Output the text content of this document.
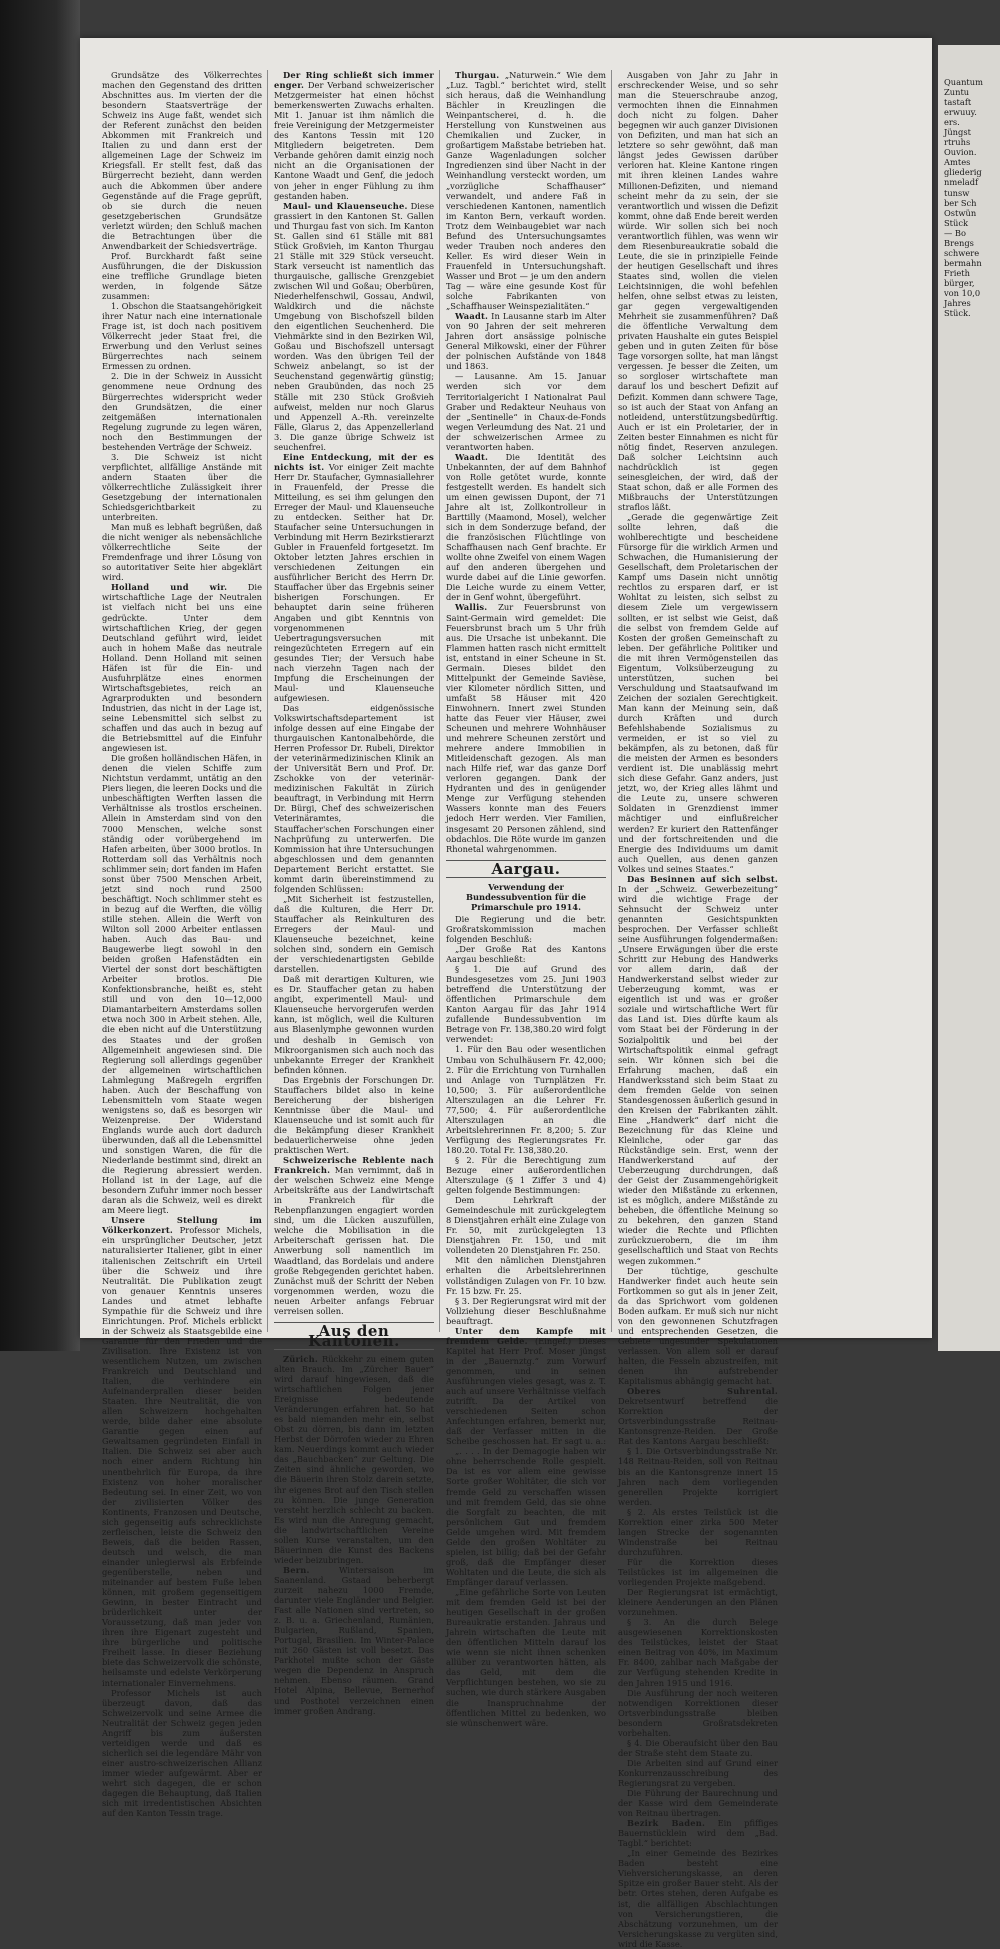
Grundsätze des Völkerrechtes machen den Gegenstand des dritten Abschnittes aus. Im vierten der die besondern Staatsverträge der Schweiz ins Auge faßt, wendet sich der Referent zunächst den beiden Abkommen mit Frankreich und Italien zu und dann erst der allgemeinen Lage der Schweiz im Kriegsfall. Er stellt fest, daß das Bürgerrecht bezieht, dann werden auch die Abkommen über andere Gegenstände auf die Frage geprüft, ob sie durch die neuen gesetzgeberischen Grundsätze verletzt würden; den Schluß machen die Betrachtungen über die Anwendbarkeit der Schiedsverträge.

Prof. Burckhardt faßt seine Ausführungen, die der Diskussion eine treffliche Grundlage bieten werden, in folgende Sätze zusammen:

1. Obschon die Staatsangehörigkeit ihrer Natur nach eine internationale Frage ist, ist doch nach positivem Völkerrecht jeder Staat frei, die Erwerbung und den Verlust seines Bürgerrechtes nach seinem Ermessen zu ordnen.

2. Die in der Schweiz in Aussicht genommene neue Ordnung des Bürgerrechtes widerspricht weder den Grundsätzen, die einer zeitgemäßen internationalen Regelung zugrunde zu legen wären, noch den Bestimmungen der bestehenden Verträge der Schweiz.

3. Die Schweiz ist nicht verpflichtet, allfällige Anstände mit andern Staaten über die völkerrechtliche Zulässigkeit ihrer Gesetzgebung der internationalen Schiedsgerichtbarkeit zu unterbreiten.

Man muß es lebhaft begrüßen, daß die nicht weniger als nebensächliche völkerrechtliche Seite der Fremdenfrage und ihrer Lösung von so autoritativer Seite hier abgeklärt wird.

Holland und wir. Die wirtschaftliche Lage der Neutralen ist vielfach nicht bei uns eine gedrückte. Unter dem wirtschaftlichen Krieg, der gegen Deutschland geführt wird, leidet auch in hohem Maße das neutrale Holland. Denn Holland mit seinen Häfen ist für die Ein- und Ausfuhrplätze eines enormen Wirtschaftsgebietes, reich an Agrarprodukten und besondern Industrien, das nicht in der Lage ist, seine Lebensmittel sich selbst zu schaffen und das auch in bezug auf die Betriebsmittel auf die Einfuhr angewiesen ist.

Die großen holländischen Häfen, in denen die vielen Schiffe zum Nichtstun verdammt, untätig an den Piers liegen, die leeren Docks und die unbeschäftigten Werften lassen die Verhältnisse als trostlos erscheinen. Allein in Amsterdam sind von den 7000 Menschen, welche sonst ständig oder vorübergehend im Hafen arbeiten, über 3000 brotlos. In Rotterdam soll das Verhältnis noch schlimmer sein; dort fanden im Hafen sonst über 7500 Menschen Arbeit, jetzt sind noch rund 2500 beschäftigt. Noch schlimmer steht es in bezug auf die Werften, die völlig stille stehen. Allein die Werft von Wilton soll 2000 Arbeiter entlassen haben. Auch das Bau- und Baugewerbe liegt sowohl in den beiden großen Hafenstädten ein Viertel der sonst dort beschäftigten Arbeiter brotlos. Die Konfektionsbranche, heißt es, steht still und von den 10—12,000 Diamantarbeitern Amsterdams sollen etwa noch 300 in Arbeit stehen. Alle, die eben nicht auf die Unterstützung des Staates und der großen Allgemeinheit angewiesen sind. Die Regierung soll allerdings gegenüber der allgemeinen wirtschaftlichen Lahmlegung Maßregeln ergriffen haben. Auch der Beschaffung von Lebensmitteln vom Staate wegen wenigstens so, daß es besorgen wir Weizenpreise. Der Widerstand Englands wurde auch dort dadurch überwunden, daß all die Lebensmittel und sonstigen Waren, die für die Niederlande bestimmt sind, direkt an die Regierung abressiert werden. Holland ist in der Lage, auf die besondern Zufuhr immer noch besser daran als die Schweiz, weil es direkt am Meere liegt.

Unsere Stellung im Völkerkonzert. Professor Michels, ein ursprünglicher Deutscher, jetzt naturalisierter Italiener, gibt in einer italienischen Zeitschrift ein Urteil über die Schweiz und ihre Neutralität. Die Publikation zeugt von genauer Kenntnis unseres Landes und atmet lebhafte Sympathie für die Schweiz und ihre Einrichtungen. Prof. Michels erblickt in der Schweiz als Staatsgebilde eine Garantie für den Frieden und die Zivilisation. Ihre Existenz ist von wesentlichem Nutzen, um zwischen Frankreich und Deutschland und Italien, die verhindere ein Aufeinanderprallen dieser beiden Staaten. Ihre Neutralität, die von allen Schweizern hochgehalten werde, bilde daher eine absolute Garantie gegen einen auf Gewaltsamen gegründeten Einfall in Italien. Die Schweiz sei aber auch noch einer andern Richtung hin unentbehrlich für Europa, da ihre Existenz von hoher moralischer Bedeutung sei. In einer Zeit, wo von der zivilisierten Völker des Kontinents, Franzosen und Deutsche, sich gegenseitig aufs schrecklichste zerfleischen, leiste die Schweiz den Beweis, daß die beiden Rassen, deutsch und welsch, die man einander unlegierwsl als Erbfeinde gegenüberstelle, neben und miteinander auf bestem Fuße leben können, mit großem gegenseitigem Gewinn, in bester Eintracht und brüderlichkeit unter der Voraussetzung, daß man jeder von ihren ihre Eigenart zugesteht und ihre bürgerliche und politische Freiheit lasse. In dieser Beziehung biete das Schweizervolk die schönste, heilsamste und edelste Verkörperung internationaler Einvernehmens.

Professor Michels ist auch überzeugt davon, daß das Schweizervolk und seine Armee die Neutralität der Schweiz gegen jeden Angriff bis zum äußersten verteidigen werde und daß es sicherlich sei die legendäre Mähr von einer austro-schweizerischen Allianz immer wieder aufgewärmt. Aber er wehrt sich dagegen, die er schon dagegen die Behauptung, daß Italien sich mit irredentistischen Absichten auf den Kanton Tessin trage.

Der Ring schließt sich immer enger. Der Verband schweizerischer Metzgermeister hat einen höchst bemerkenswerten Zuwachs erhalten. Mit 1. Januar ist ihm nämlich die freie Vereinigung der Metzgermeister des Kantons Tessin mit 120 Mitgliedern beigetreten. Dem Verbande gehören damit einzig noch nicht an die Organisationen der Kantone Waadt und Genf, die jedoch von jeher in enger Fühlung zu ihm gestanden haben.

Maul- und Klauenseuche. Diese grassiert in den Kantonen St. Gallen und Thurgau fast von sich. Im Kanton St. Gallen sind 61 Ställe mit 881 Stück Großvieh, im Kanton Thurgau 21 Ställe mit 329 Stück verseucht. Stark verseucht ist namentlich das thurgauische, gallische Grenzgebiet zwischen Wil und Goßau; Oberbüren, Niederhelfenschwil, Gossau, Andwil, Waldkirch und die nächste Umgebung von Bischofszell bilden den eigentlichen Seuchenherd. Die Viehmärkte sind in den Bezirken Wil, Goßau und Bischofszell untersagt worden. Was den übrigen Teil der Schweiz anbelangt, so ist der Seuchenstand gegenwärtig günstig; neben Graubünden, das noch 25 Ställe mit 230 Stück Großvieh aufweist, melden nur noch Glarus und Appenzell A.-Rh. vereinzelte Fälle, Glarus 2, das Appenzellerland 3. Die ganze übrige Schweiz ist seuchenfrei.

Eine Entdeckung, mit der es nichts ist. Vor einiger Zeit machte Herr Dr. Staufacher, Gymnasiallehrer in Frauenfeld, der Presse die Mitteilung, es sei ihm gelungen den Erreger der Maul- und Klauenseuche zu entdecken. Seither hat Dr. Staufacher seine Untersuchungen in Verbindung mit Herrn Bezirkstierarzt Gubler in Frauenfeld fortgesetzt. Im Oktober letzten Jahres erschien in verschiedenen Zeitungen ein ausführlicher Bericht des Herrn Dr. Stauffacher über das Ergebnis seiner bisherigen Forschungen. Er behauptet darin seine früheren Angaben und gibt Kenntnis von vorgenommenen Uebertragungsversuchen mit reingezüchteten Erregern auf ein gesundes Tier; der Versuch habe nach vierzehn Tagen nach der Impfung die Erscheinungen der Maul- und Klauenseuche aufgewiesen.

Das eidgenössische Volkswirtschaftsdepartement ist infolge dessen auf eine Eingabe der thurgauischen Kantonalbehörde, die Herren Professor Dr. Rubeli, Direktor der veterinärmedizinischen Klinik an der Universität Bern und Prof. Dr. Zschokke von der veterinär-medizinischen Fakultät in Zürich beauftragt, in Verbindung mit Herrn Dr. Bürgi, Chef des schweizerischen Veterinäramtes, die Stauffacher'schen Forschungen einer Nachprüfung zu unterwerfen. Die Kommission hat ihre Untersuchungen abgeschlossen und dem genannten Departement Bericht erstattet. Sie kommt darin übereinstimmend zu folgenden Schlüssen:

„Mit Sicherheit ist festzustellen, daß die Kulturen, die Herr Dr. Stauffacher als Reinkulturen des Erregers der Maul- und Klauenseuche bezeichnet, keine solchen sind, sondern ein Gemisch der verschiedenartigsten Gebilde darstellen.

Daß mit derartigen Kulturen, wie es Dr. Stauffacher getan zu haben angibt, experimentell Maul- und Klauenseuche hervorgerufen werden kann, ist möglich, weil die Kulturen aus Blasenlymphe gewonnen wurden und deshalb in Gemisch von Mikroorganismen sich auch noch das unbekannte Erreger der Krankheit befinden können.

Das Ergebnis der Forschungen Dr. Stauffachers bildet also in keine Bereicherung der bisherigen Kenntnisse über die Maul- und Klauenseuche und ist somit auch für die Bekämpfung dieser Krankheit bedauerlicherweise ohne jeden praktischen Wert.

Schweizerische Reblente nach Frankreich. Man vernimmt, daß in der welschen Schweiz eine Menge Arbeitskräfte aus der Landwirtschaft in Frankreich für die Rebenpflanzungen engagiert worden sind, um die Lücken auszufüllen, welche die Mobilisation in die Arbeiterschaft gerissen hat. Die Anwerbung soll namentlich im Waadtland, das Bordelais und andere große Rebgegenden gerichtet haben. Zunächst muß der Schritt der Neben vorgenommen werden, wozu die neuen Arbeiter anfangs Februar verreisen sollen.

Aus den Kantonen.

Zürich. Rückkehr zu einem guten alten Brauch. Im „Zürcher Bauer“ wird darauf hingewiesen, daß die wirtschaftlichen Folgen jener Ereignisse bedeutende Veränderungen erfahren hat. So hat es bald niemanden mehr ein, selbst Obst zu dörren, bis dann im letzten Herbst der Dörrofen wieder zu Ehren kam. Neuerdings kommt auch wieder das „Bauchbacken“ zur Geltung. Die Zeiten sind ähnliche geworden, wo die Bäuerin ihren Stolz darein setzte, ihr eigenes Brot auf den Tisch stellen zu können. Die junge Generation versteht herzlich schlecht zu backen. Es wird nun die Anregung gemacht, die landwirtschaftlichen Vereine sollen Kurse veranstalten, um den Bäuerinnen die Kunst des Backens wieder beizubringen.

Bern. Wintersaison im Saanenland. Gstaad beherbergt zurzeit nahezu 1000 Fremde, darunter viele Engländer und Belgier. Fast alle Nationen sind vertreten, so z. B. u. a. Griechenland, Rumänien, Bulgarien, Rußland, Spanien, Portugal, Brasilien. Im Winter-Palace mit 260 Gästen ist voll besetzt. Das Parkhotel mußte schon der Gäste wegen die Dependenz in Anspruch nehmen. Ebenso räumen. Grand Hotel Alpina, Bellevue, Bernerhof und Posthotel verzeichnen einen immer großen Andrang.

Thurgau. „Naturwein.“ Wie dem „Luz. Tagbl.“ berichtet wird, stellt sich heraus, daß die Weinhandlung Bächler in Kreuzlingen die Weinpantscherei, d. h. die Herstellung von Kunstweinen aus Chemikalien und Zucker, in großartigem Maßstabe betrieben hat. Ganze Wagenladungen solcher Ingredienzen sind über Nacht in der Weinhandlung versteckt worden, um „vorzügliche Schaffhauser“ verwandelt, und andere Faß in verschiedenen Kantonen, namentlich im Kanton Bern, verkauft worden. Trotz dem Weinbaugebiet war nach Befund des Untersuchungsamtes weder Trauben noch anderes den Keller. Es wird dieser Wein in Frauenfeld in Untersuchungshaft. Wasser und Brot — je um den andern Tag — wäre eine gesunde Kost für solche Fabrikanten von „Schaffhauser Weinspezialitäten.“

Waadt. In Lausanne starb im Alter von 90 Jahren der seit mehreren Jahren dort ansässige polnische General Miłkowski, einer der Führer der polnischen Aufstände von 1848 und 1863.

— Lausanne. Am 15. Januar werden sich vor dem Territorialgericht I Nationalrat Paul Graber und Redakteur Neuhaus von der „Sentinelle“ in Chaux-de-Fonds wegen Verleumdung des Nat. 21 und der schweizerischen Armee zu verantworten haben.

Waadt. Die Identität des Unbekannten, der auf dem Bahnhof von Rolle getötet wurde, konnte festgestellt werden. Es handelt sich um einen gewissen Dupont, der 71 Jahre alt ist, Zollkontrolleur in Barttilly (Maamond, Mosel), welcher sich in dem Sonderzuge befand, der die französischen Flüchtlinge von Schaffhausen nach Genf brachte. Er wollte ohne Zweifel von einem Wagen auf den anderen übergehen und wurde dabei auf die Linie geworfen. Die Leiche wurde zu einem Vetter, der in Genf wohnt, übergeführt.

Wallis. Zur Feuersbrunst von Saint-Germain wird gemeldet: Die Feuersbrunst brach um 5 Uhr früh aus. Die Ursache ist unbekannt. Die Flammen hatten rasch nicht ermittelt ist, entstand in einer Scheune in St. Germain. Dieses bildet den Mittelpunkt der Gemeinde Savièse, vier Kilometer nördlich Sitten, und umfaßt 58 Häuser mit 420 Einwohnern. Innert zwei Stunden hatte das Feuer vier Häuser, zwei Scheunen und mehrere Wohnhäuser und mehrere Scheunen zerstört und mehrere andere Immobilien in Mitleidenschaft gezogen. Als man nach Hilfe rief, war das ganze Dorf verloren gegangen. Dank der Hydranten und des in genügender Menge zur Verfügung stehenden Wassers konnte man des Feuers jedoch Herr werden. Vier Familien, insgesamt 20 Personen zählend, sind obdachlos. Die Röte wurde im ganzen Rhonetal wahrgenommen.

Aargau.
Verwendung der Bundessubvention für die Primarschule pro 1914.

Die Regierung und die betr. Großratskommission machen folgenden Beschluß:

„Der Große Rat des Kantons Aargau beschließt:

§ 1. Die auf Grund des Bundesgesetzes vom 25. Juni 1903 betreffend die Unterstützung der öffentlichen Primarschule dem Kanton Aargau für das Jahr 1914 zufallende Bundessubvention im Betrage von Fr. 138,380.20 wird folgt verwendet:

1. Für den Bau oder wesentlichen Umbau von Schulhäusern Fr. 42,000; 2. Für die Errichtung von Turnhallen und Anlage von Turnplätzen Fr. 10,500; 3. Für außerordentliche Alterszulagen an die Lehrer Fr. 77,500; 4. Für außerordentliche Alterszulagen an die Arbeitslehrerinnen Fr. 8,200; 5. Zur Verfügung des Regierungsrates Fr. 180.20. Total Fr. 138,380.20.

§ 2. Für die Berechtigung zum Bezuge einer außerordentlichen Alterszulage (§ 1 Ziffer 3 und 4) gelten folgende Bestimmungen:

Dem Lehrkraft der Gemeindeschule mit zurückgelegtem 8 Dienstjahren erhält eine Zulage von Fr. 50, mit zurückgelegten 13 Dienstjahren Fr. 150, und mit vollendeten 20 Dienstjahren Fr. 250.

Mit den nämlichen Dienstjahren erhalten die Arbeitslehrerinnen vollständigen Zulagen von Fr. 10 bzw. Fr. 15 bzw. Fr. 25.

§ 3. Der Regierungsrat wird mit der Vollziehung dieser Beschlußnahme beauftragt.

Unter dem Kampfe mit fremdem Gelde. (Eingef.) Dieses Kapitel hat Herr Prof. Moser jüngst in der „Bauernztg.“ zum Vorwurf genommen, und in seinen Ausführungen vieles gesagt, was z. T. auch auf unsere Verhältnisse vielfach zutrifft. Da der Artikel von verschiedenen Seiten schon Anfechtungen erfahren, bemerkt nur, daß der Verfasser mitten in die Scheibe geschossen hat. Er sagt u. a.:

„. . . . In der Demagogie haben wir ohne beherrschende Rolle gespielt. Da ist es vor allem eine gewisse Sorte großer Wohltäter, die sich vor fremde Geld zu verschaffen wissen und mit fremdem Geld, das sie ohne die Sorgfalt zu beachten, die mit persönlichem Gut und fremdem Gelde umgehen wird. Mit fremdem Gelde den großen Wohltäter zu spielen, ist billig; daß bei der Gefahr groß, daß die Empfänger dieser Wohltaten und die Leute, die sich als Empfänger darauf verlassen.

„Eine gefährliche Sorte von Leuten mit dem fremden Geld ist bei der heutigen Gesellschaft in der großen Bureaukratie erstanden. Jahraus und Jahrein wirtschaften die Leute mit den öffentlichen Mitteln darauf los wie wenn sie nicht ihnen schenken allüber zu verantworten hätten, als das Geld, mit dem die Verpflichtungen bestehen, wo sie zu suchen, wie durch stärkere Ausgaben die Inanspruchnahme der öffentlichen Mittel zu bedenken, wo sie wünschenwert wäre.

Ausgaben von Jahr zu Jahr in erschreckender Weise, und so sehr man die Steuerschraube anzog, vermochten ihnen die Einnahmen doch nicht zu folgen. Daher begegnen wir auch ganzer Divisionen von Defiziten, und man hat sich an letztere so sehr gewöhnt, daß man längst jedes Gewissen darüber verloren hat. Kleine Kantone ringen mit ihren kleinen Landes wahre Millionen-Defiziten, und niemand scheint mehr da zu sein, der sie verantwortlich und wissen die Defizit kommt, ohne daß Ende bereit werden würde. Wir sollen sich bei noch verantwortlich fühlen, was wenn wir dem Riesenbureaukratie sobald die Leute, die sie in prinzipielle Feinde der heutigen Gesellschaft und ihres Staates sind, wollen die vielen Leichtsinnigen, die wohl befehlen helfen, ohne selbst etwas zu leisten, gar gegen vergewaltigenden Mehrheit sie zusammenführen? Daß die öffentliche Verwaltung dem privaten Haushalte ein gutes Beispiel geben und in guten Zeiten für böse Tage vorsorgen sollte, hat man längst vergessen. Je besser die Zeiten, um so sorgloser wirtschaftete man darauf los und beschert Defizit auf Defizit. Kommen dann schwere Tage, so ist auch der Staat von Anfang an notleidend, unterstützungsbedürftig. Auch er ist ein Proletarier, der in Zeiten bester Einnahmen es nicht für nötig findet, Reserven anzulegen. Daß solcher Leichtsinn auch nachdrücklich ist gegen seinesgleichen, der wird, daß der Staat schon, daß er alle Formen des Mißbrauchs der Unterstützungen straflos läßt.

„Gerade die gegenwärtige Zeit sollte lehren, daß die wohlberechtigte und bescheidene Fürsorge für die wirklich Armen und Schwachen, die Humanisierung der Gesellschaft, dem Proletarischen der Kampf ums Dasein nicht unnötig rechtlos zu ersparen darf, er ist Wohltat zu leisten, sich selbst zu diesem Ziele um vergewissern sollten, er ist selbst wie Geist, daß die selbst von fremdem Gelde auf Kosten der großen Gemeinschaft zu leben. Der gefährliche Politiker und die mit ihren Vermögensteilen das Eigentum, Volksüberzeugung zu unterstützen, suchen bei Verschuldung und Staatsaufwand im Zeichen der sozialen Gerechtigkeit. Man kann der Meinung sein, daß durch Kräften und durch Befehlshabende Sozialismus zu vermeiden, er ist so viel zu bekämpfen, als zu betonen, daß für die meisten der Armen es besonders verdient ist. Die unablässig mehrt sich diese Gefahr. Ganz anders, just jetzt, wo, der Krieg alles lähmt und die Leute zu, unsere schweren Soldaten in Grenzdienst immer mächtiger und einflußreicher werden? Er kuriert den Rattenfänger und der fortschreitenden und die Energie des Individuums um damit auch Quellen, aus denen ganzen Volkes und seines Staates.“

Das Besinnen auf sich selbst. In der „Schweiz. Gewerbezeitung“ wird die wichtige Frage der Sehnsucht der Schweiz unter genannten Gesichtspunkten besprochen. Der Verfasser schließt seine Ausführungen folgendermaßen: „Unsere Erwägungen über die erste Schritt zur Hebung des Handwerks vor allem darin, daß der Handwerkerstand selbst wieder zur Ueberzeugung kommt, was er eigentlich ist und was er großer soziale und wirtschaftliche Wert für das Land ist. Dies dürfte kaum als vom Staat bei der Förderung in der Sozialpolitik und bei der Wirtschaftspolitik einmal gefragt sein. Wir können sich bei die Erfahrung machen, daß ein Handwerksstand sich beim Staat zu dem fremden Gelde von seinen Standesgenossen äußerlich gesund in den Kreisen der Fabrikanten zählt. Eine „Handwerk“ darf nicht die Bezeichnung für das Kleine und Kleinliche, oder gar das Rückständige sein. Erst, wenn der Handwerkerstand auf der Ueberzeugung durchdrungen, daß der Geist der Zusammengehörigkeit wieder den Mißstände zu erkennen, ist es möglich, andere Mißstände zu beheben, die öffentliche Meinung so zu bekehren, den ganzen Stand wieder die Rechte und Pflichten zurückzuerobern, die im ihm gesellschaftlich und Staat von Rechts wegen zukommen.“

Der tüchtige, geschulte Handwerker findet auch heute sein Fortkommen so gut als in jener Zeit, da das Sprichwort vom goldenen Boden aufkam. Er muß sich nur nicht von den gewonnenen Schutzfragen und entsprechenden Gesetzen, die Gebiete ungesunder Spekulationen verlassen. Von allem soll er darauf halten, die Fesseln abzustreifen, mit denen ihn aufstrebender Kapitalismus abhängig gemacht hat.

Oberes Suhrental. Dekretsentwurf betreffend die Korrektion der Ortsverbindungsstraße Reitnau-Kantonsgrenze-Reiden. Der Große Rat des Kantons Aargau beschließt:

§ 1. Die Ortsverbindungsstraße Nr. 148 Reitnau-Reiden, soll von Reitnau bis an die Kantonsgrenze innert 15 Jahren nach dem vorliegenden generellen Projekte korrigiert werden.

§ 2. Als erstes Teilstück ist die Korrektion einer zirka 500 Meter langen Strecke der sogenannten Windenstraße bei Reitnau durchzuführen.

Für die Korrektion dieses Teilstückes ist im allgemeinen die vorliegenden Projekte maßgebend.

Der Regierungsrat ist ermächtigt, kleinere Aenderungen an den Plänen vorzunehmen.

§ 3. An die durch Belege ausgewiesenen Korrektionskosten des Teilstückes, leistet der Staat einen Beitrag von 40%, im Maximum Fr. 8400, zahlbar nach Maßgabe der zur Verfügung stehenden Kredite in den Jahren 1915 und 1916.

Die Ausführung der noch weiteren notwendigen Korrektionen dieser Ortsverbindungsstraße bleiben besondern Großratsdekreten vorbehalten.

§ 4. Die Oberaufsicht über den Bau der Straße steht dem Staate zu.

Die Arbeiten sind auf Grund einer Konkurrenzausschreibung des Regierungsrat zu vergeben.

Die Führung der Baurechnung und der Kasse wird dem Gemeinderate von Reitnau übertragen.

Bezirk Baden. Ein pfiffiges Bauernstücklein wird dem „Bad. Tagbl.“ berichtet:

„In einer Gemeinde des Bezirkes Baden besteht eine Viehversicherungskasse, an deren Spitze ein großer Bauer steht. Als der betr. Ortes stehen, deren Aufgabe es ist, die allfälligen Abschlachtungen von Versicherungstieren, die Abschätzung vorzunehmen, um der Versicherungskasse zu vergüten sind, wird die Kasse.

Quantum
Zuntu
tastaft
erwuuy.
ers.
Jüngst
rtruhs
Ouvion.
Amtes
gliederig
nmeladf
tunsw
ber Sch
Ostwün
Stück
— Bo
Brengs
schwere
bermahn
Frieth
bürger,
von 10,0
Jahres
Stück.
